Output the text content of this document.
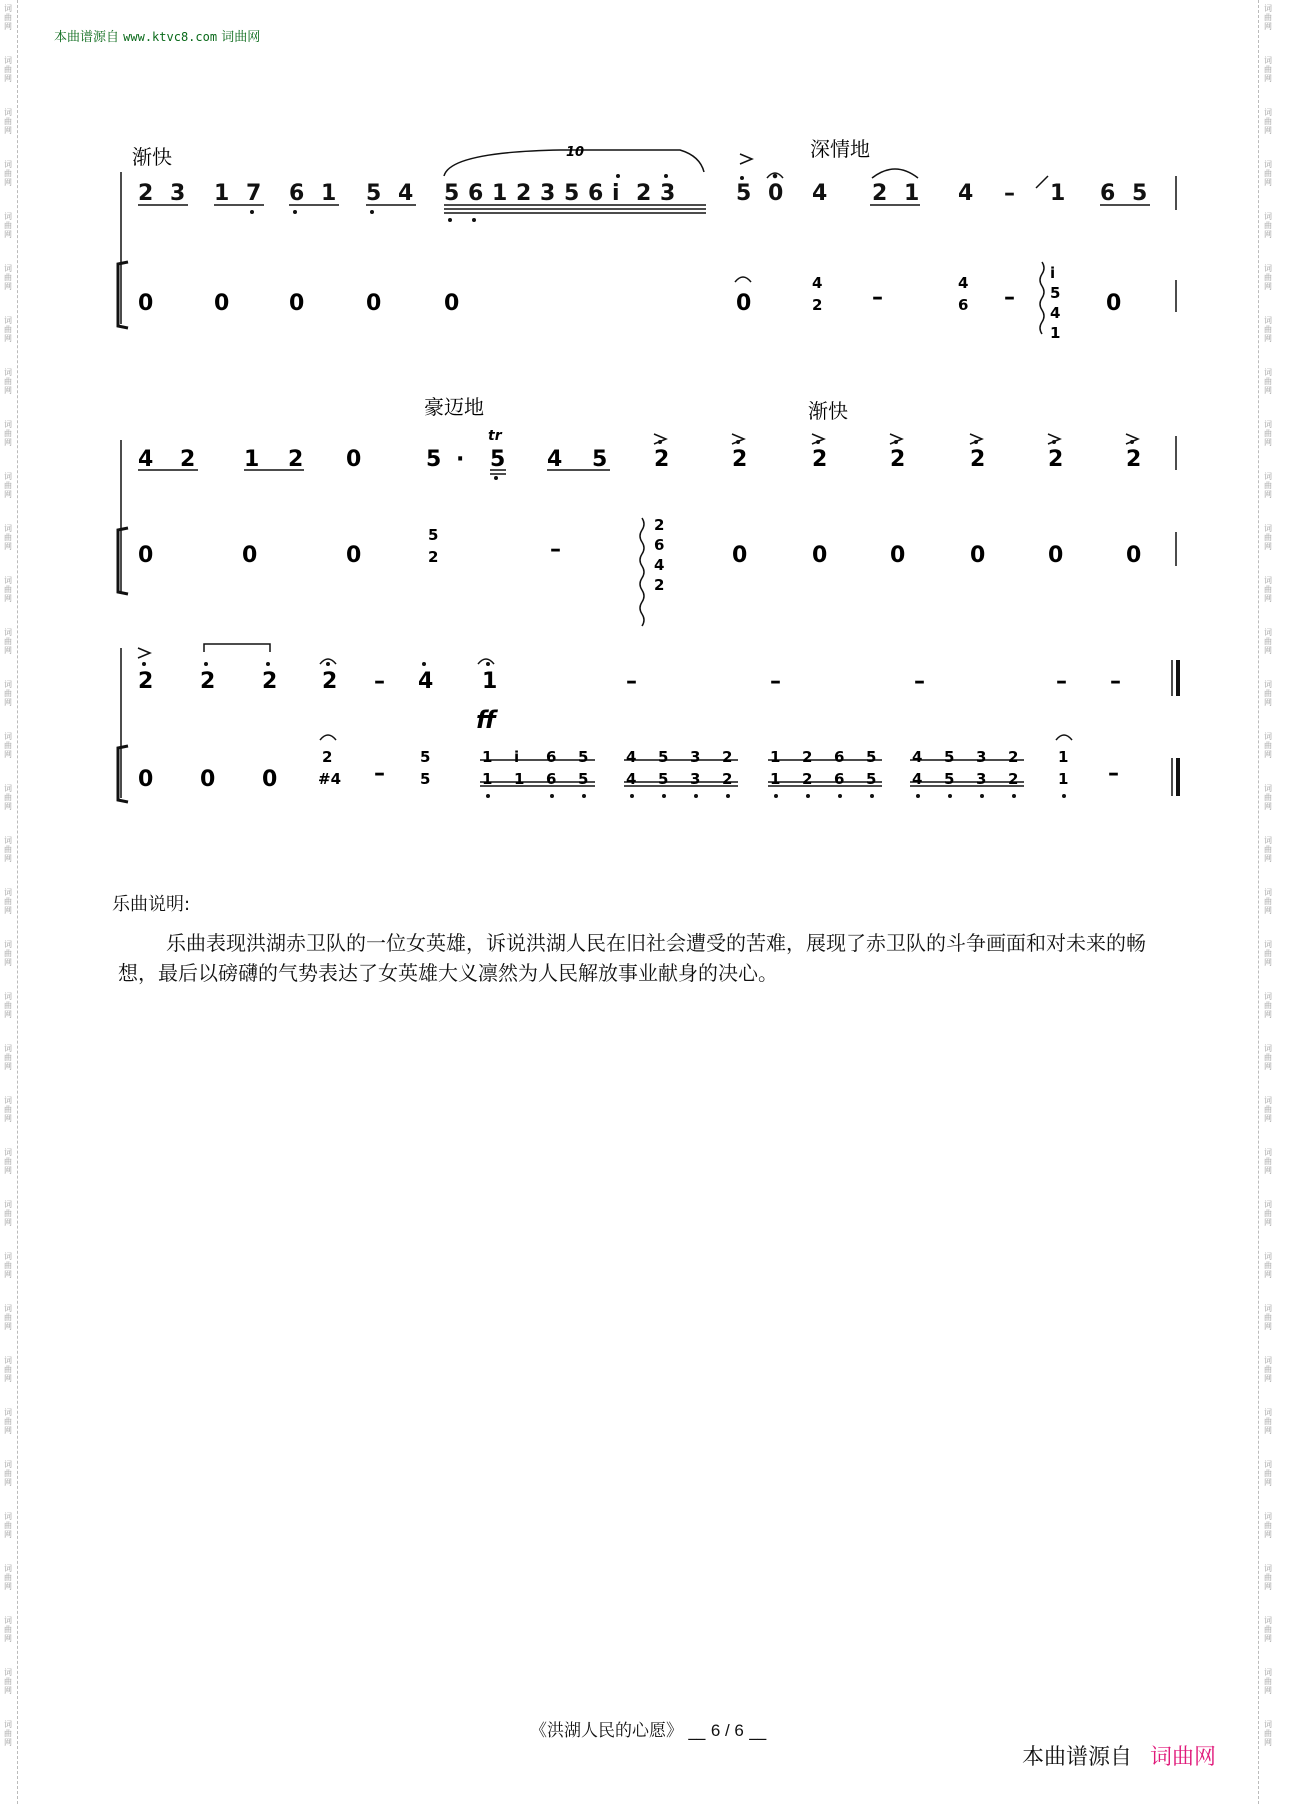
本曲谱源自 www.ktvc8.com 词曲网
渐快	深情地
豪迈地	渐快
10
tr
ff
2 3 1 7 6 1 5 4 5 6 1 2 3 5 6 i 2 3	5 0 4 2 1 4 – 1 6 5
0	0	0	0	0	0
4
2 –
4
6 –
i
5
4
1
0
4 2 1 2 0	5 · 5 4 5 2	2	2	2	2	2	2
0	0	0
5
2	–
2
6
4
2
0	0	0	0	0	0
2 2 2 2 – 4 1	–	–	–	– –
0 0 0
2
#4 –
5
5
1 i 6 5
1 1 6 5
4 5 3 2
4 5 3 2
1 2 6 5
1 2 6 5
4 5 3 2
4 5 3 2
1
1 –
乐曲说明:
乐曲表现洪湖赤卫队的一位女英雄，诉说洪湖人民在旧社会遭受的苦难，展现了赤卫队的斗争画面和对未来的畅想，最后以磅礴的气势表达了女英雄大义凛然为人民解放事业献身的决心。
《洪湖人民的心愿》 __ 6 / 6 __
本曲谱源自 词曲网
词
曲
网
词
曲
网
词
曲
网
词
曲
网
词
曲
网
词
曲
网
词
曲
网
词
曲
网
词
曲
网
词
曲
网
词
曲
网
词
曲
网
词
曲
网
词
曲
网
词
曲
网
词
曲
网
词
曲
网
词
曲
网
词
曲
网
词
曲
网
词
曲
网
词
曲
网
词
曲
网
词
曲
网
词
曲
网
词
曲
网
词
曲
网
词
曲
网
词
曲
网
词
曲
网
词
曲
网
词
曲
网
词
曲
网
词
曲
网
词
曲
网
词
曲
网
词
曲
网
词
曲
网
词
曲
网
词
曲
网
词
曲
网
词
曲
网
词
曲
网
词
曲
网
词
曲
网
词
曲
网
词
曲
网
词
曲
网
词
曲
网
词
曲
网
词
曲
网
词
曲
网
词
曲
网
词
曲
网
词
曲
网
词
曲
网
词
曲
网
词
曲
网
词
曲
网
词
曲
网
词
曲
网
词
曲
网
词
曲
网
词
曲
网
词
曲
网
词
曲
网
词
曲
网
词
曲
网
